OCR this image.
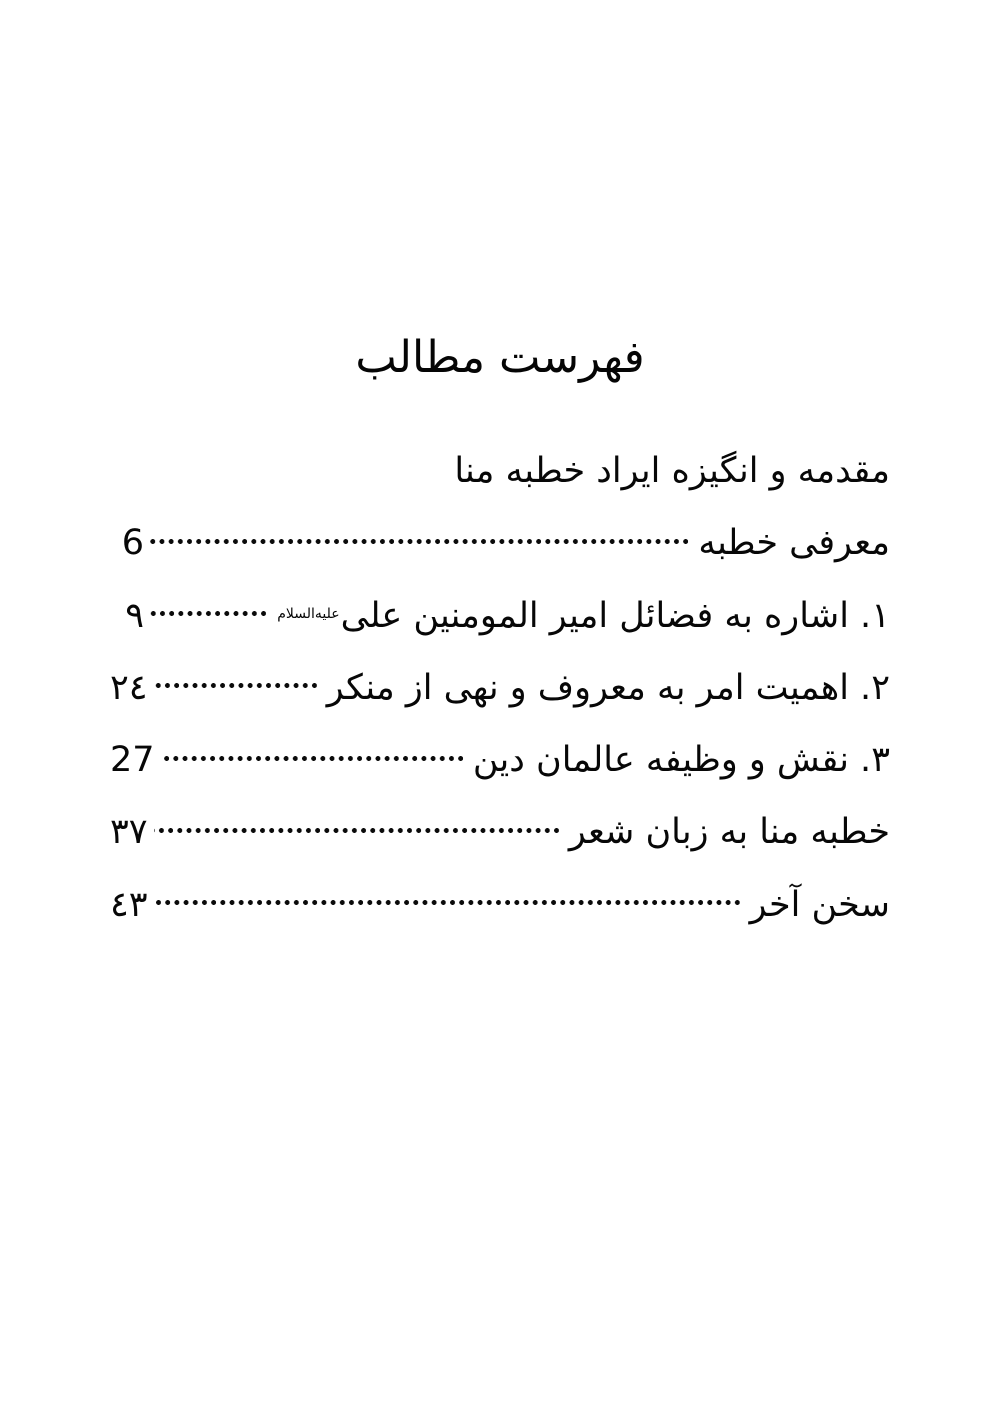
فهرست مطالب
مقدمه و انگیزه ایراد خطبه منا
معرفی خطبه
6
۱. اشاره به فضائل امیر المومنین علیعلیه‌السلام
٩
۲. اهمیت امر به معروف و نهی از منکر
٢٤
۳. نقش و وظیفه عالمان دین
27
خطبه منا به زبان شعر
٣٧
سخن آخر
٤٣
